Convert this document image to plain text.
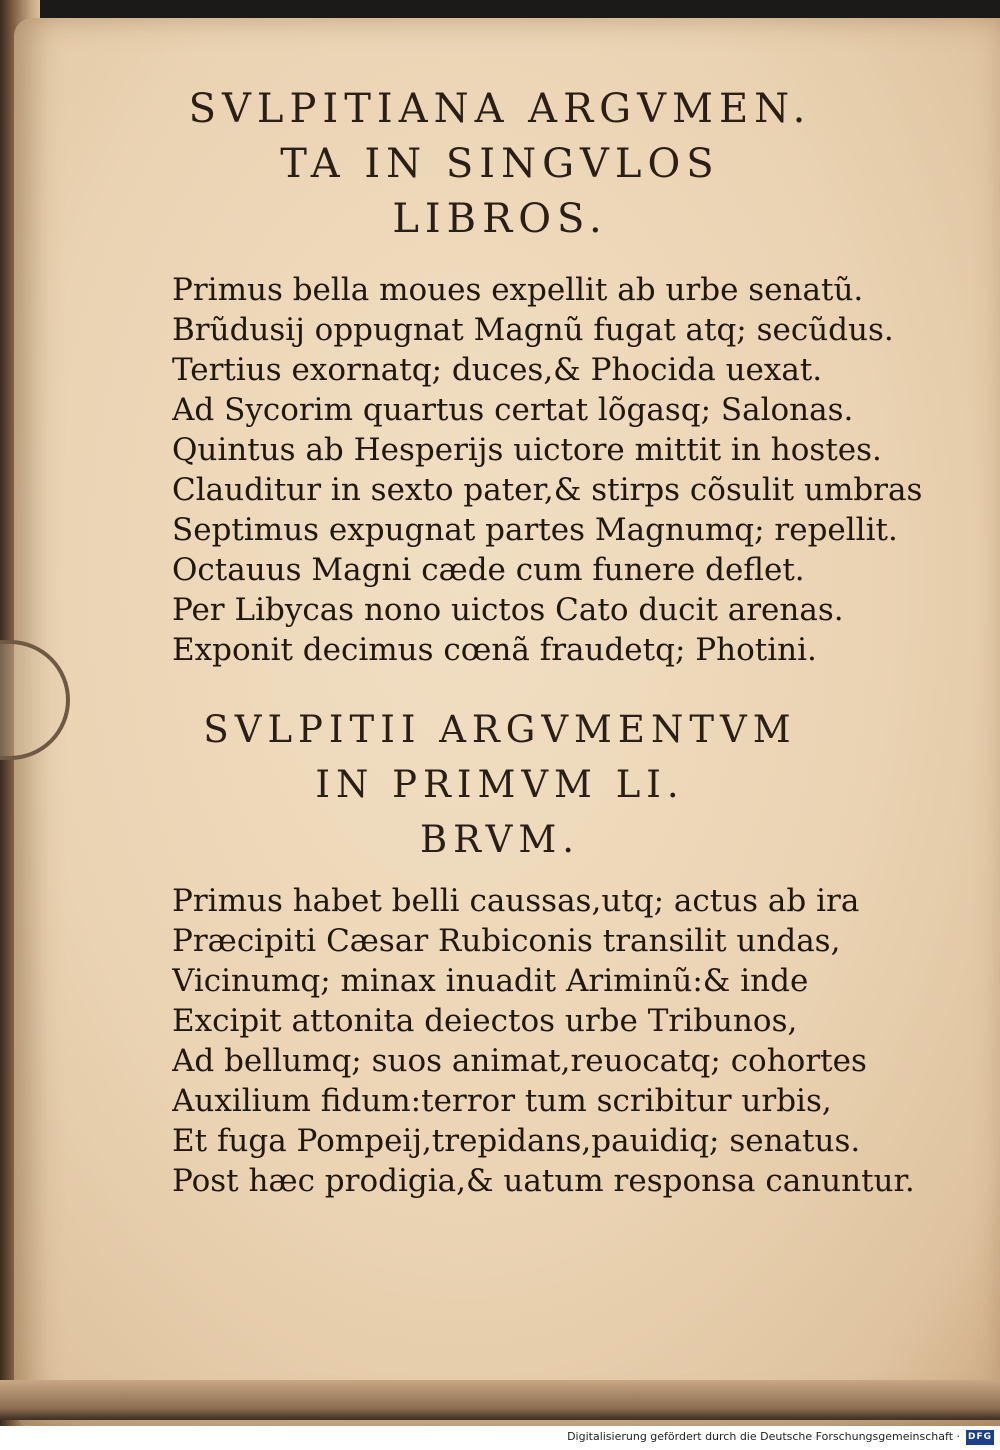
SVLPITIANA ARGVMEN.
TA IN SINGVLOS
LIBROS.
Primus bella moues expellit ab urbe senatũ.
Brũdusij oppugnat Magnũ fugat atq; secũdus.
Tertius exornatq; duces,& Phocida uexat.
Ad Sycorim quartus certat lõgasq; Salonas.
Quintus ab Hesperijs uictore mittit in hostes.
Clauditur in sexto pater,& stirps cõsulit umbras
Septimus expugnat partes Magnumq; repellit.
Octauus Magni cæde cum funere deflet.
Per Libycas nono uictos Cato ducit arenas.
Exponit decimus cœnã fraudetq; Photini.
SVLPITII ARGVMENTVM
IN PRIMVM LI.
BRVM.
Primus habet belli caussas,utq; actus ab ira
Præcipiti Cæsar Rubiconis transilit undas,
Vicinumq; minax inuadit Ariminũ:& inde
Excipit attonita deiectos urbe Tribunos,
Ad bellumq; suos animat,reuocatq; cohortes
Auxilium fidum:terror tum scribitur urbis,
Et fuga Pompeij,trepidans,pauidiq; senatus.
Post hæc prodigia,& uatum responsa canuntur.
Digitalisierung gefördert durch die Deutsche Forschungsgemeinschaft · DFG
